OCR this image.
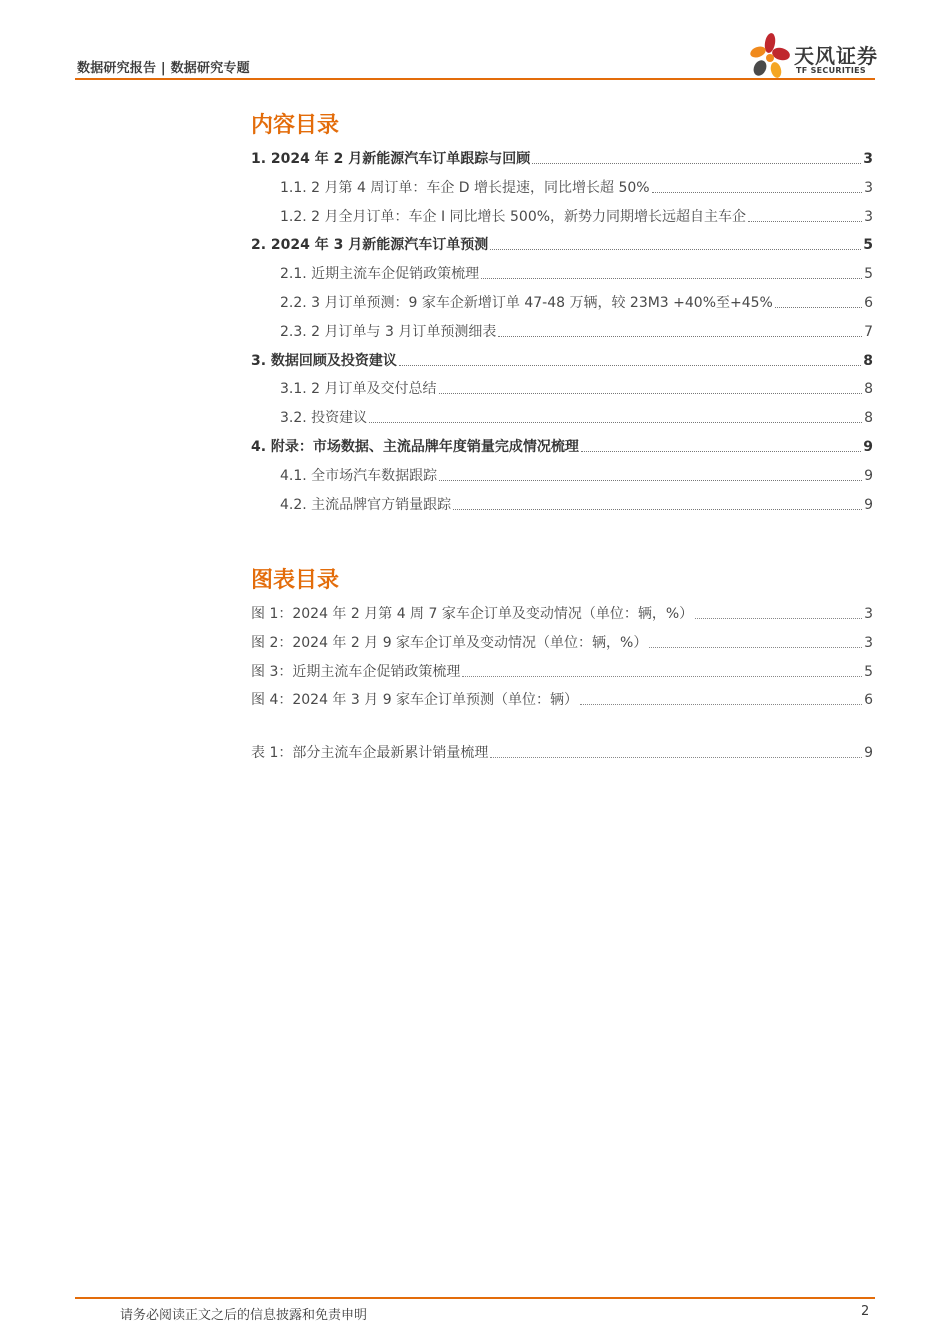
数据研究报告 | 数据研究专题
天风证券
TF SECURITIES
内容目录
1. 2024 年 2 月新能源汽车订单跟踪与回顾	3
1.1. 2 月第 4 周订单：车企 D 增长提速，同比增长超 50%	3
1.2. 2 月全月订单：车企 I 同比增长 500%，新势力同期增长远超自主车企	3
2. 2024 年 3 月新能源汽车订单预测	5
2.1. 近期主流车企促销政策梳理	5
2.2. 3 月订单预测：9 家车企新增订单 47-48 万辆，较 23M3 +40%至+45%	6
2.3. 2 月订单与 3 月订单预测细表	7
3. 数据回顾及投资建议	8
3.1. 2 月订单及交付总结	8
3.2. 投资建议	8
4. 附录：市场数据、主流品牌年度销量完成情况梳理	9
4.1. 全市场汽车数据跟踪	9
4.2. 主流品牌官方销量跟踪	9
图表目录
图 1：2024 年 2 月第 4 周 7 家车企订单及变动情况（单位：辆，%）	3
图 2：2024 年 2 月 9 家车企订单及变动情况（单位：辆，%）	3
图 3：近期主流车企促销政策梳理	5
图 4：2024 年 3 月 9 家车企订单预测（单位：辆）	6
表 1：部分主流车企最新累计销量梳理	9
请务必阅读正文之后的信息披露和免责申明	2
